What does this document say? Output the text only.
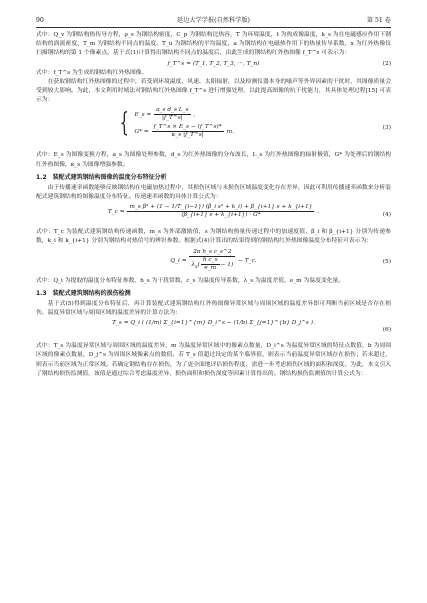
90	延边大学学报(自然科学版)	第 51 卷

式中：Q_v 为钢结构热传导方程，ρ_s 为钢结构密度，C_p 为钢结构比热容，T 为环境温度，t 为热成像温度，k_s 为在电磁感应作用下钢结构的涡流密度，T_m 为钢结构不同点的温度，T_u 为钢结构的平均温度，a 为钢结构在电磁热作用下的热量传导系数，x 为红外热像仪扫描钢结构的第 1 个像素点。基于式(1)计算得出钢结构不同点的温度后，由此生成的钢结构红外热图像 f_T^s 可表示为：

f_T^s = (T_1, T_2, T_3, ···, T_n)	(2)

式中：f_T^s 为生成的钢结构红外热图像。

在获取钢结构红外热图像的过程中，若受到环境温度、风速、太阳辐射，以及检测仪器本身的噪声等外界因素的干扰时，其图像质量会受到较大影响。为此，本文利用时域法对钢结构红外热图像 f_T^s 进行增强处理，以此提高图像的抗干扰能力，其具体处理过程[15] 可表示为：

{ E_s = $\frac{\text{a\_s d\_s L\_s}}{|f\_T\^{}s|}$ ,
$G* = \frac{f\_T\^{}s \times E\_s - (f\_T\^{}s)*}{\kappa\_s |f\_T\^{}s|} m$.
(3)

式中：E_s 为图像变换方程，a_s 为图像处理参数，d_s 为红外热图像的分布波长，L_s 为红外热图像的辐射极值，G* 为处理后的钢结构红外热图像，κ_s 为图像增强参数。

1.2　装配式建筑钢结构图像的温度分布特征分析

由于传播速率函数能够反映钢结构在电磁加热过程中，其损伤区域与未损伤区域温度变化存在差异，因此可利用传播速率函数来分析装配式建筑钢结构的图像温度分布特征。传递速率函数的具体计算公式为：

T_c =
m_s β³ + (1 − 1/T_{i−1}) (β_i s³ + k_i) + β_{i+1} s + k_{i+1}
(β_{i+1} s + k_{i+1}) · G*	.	(4)

式中：T_c 为装配式建筑钢结构传递函数，m_s 为外部激励值，s 为钢结构热量传递过程中的加速度值，β_i 和 β_{i+1} 分别为传递参数，k_i 和 k_{i+1} 分别为钢结构对热信号的辨识参数。根据式(4)计算出的结果得到的钢结构红外热图像温度分布特征可表示为：

Q_i = $\frac{\text{2π h\_s c\_s\textasciicircum{}2}}{\lambda_s( \frac{\text{h c\_s}}{e\_m} - 1)}$ − T_c.	(5)

式中：Q_i 为提取的温度分布特征参数，h_s 为干扰常数，c_s 为温度传导系数，λ_s 为温度差值，e_m 为温度变化量。

1.3　装配式建筑钢结构的损伤检测

基于式(5)得到温度分布特征后，再计算装配式建筑钢结构红外热图像异常区域与周围区域的温度差异即可判断当前区域是否存在损伤。温度异常区域与周围区域的温度差异的计算方法为：

T_s = Q_i ( (1/m) Σ_{i=1}^{m} D_i^s − (1/b) Σ_{j=1}^{b} D_j^s ).
(6)

式中：T_s 为温度异常区域与周围区域的温度差异，m 为温度异常区域中的像素点数量，D_i^s 为温度异常区域的特征点数值，b 为周围区域的像素点数量，D_j^s 为周围区域像素点的数值，若 T_s 值超过设定的某个临界值，则表示当前温度异常区域存在损伤；若未超过，则表示当前区域为正常区域。若确定钢结构存在损伤，为了更全面地评估损伤程度，需进一步考虑损伤区域的面积和深度。为此，本文引入了钢结构损伤监测值，该值是通过综合考虑温度差异、损伤面积和损伤深度等因素计算得出的。钢结构损伤监测值的计算公式为：
